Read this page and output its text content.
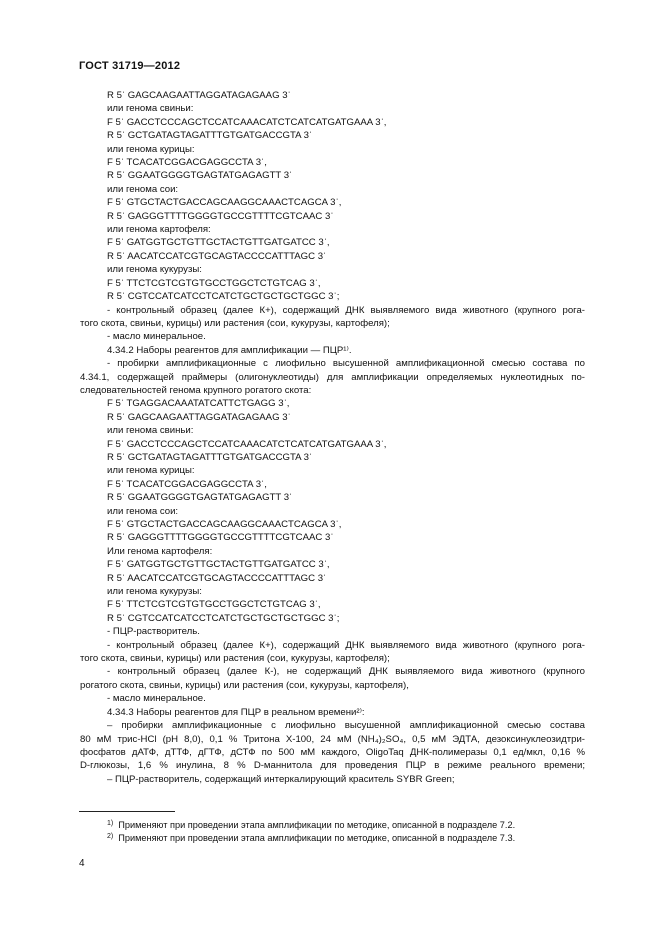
ГОСТ 31719—2012
R 5ˈ GAGCAAGAATTAGGATAGAGAAG 3ˈ
или генома свиньи:
F 5ˈ GACCTCCCAGCTCCATCAAACATCTCATCATGATGAAA 3ˈ,
R 5ˈ GCTGATAGTAGATTTGTGATGACCGTA 3ˈ
или генома курицы:
F 5ˈ TCACATCGGACGAGGCCTA 3ˈ,
R 5ˈ GGAATGGGGTGAGTATGAGAGTT 3ˈ
или генома сои:
F 5ˈ GTGCTACTGACCAGCAAGGCAAACTCAGCA 3ˈ,
R 5ˈ GAGGGTTTTGGGGTGCCGTTTTCGTCAAC 3ˈ
или генома картофеля:
F 5ˈ GATGGTGCTGTTGCTACTGTTGATGATCC 3ˈ,
R 5ˈ AACATCCATCGTGCAGTACCCCATTTAGC 3ˈ
или генома кукурузы:
F 5ˈ TTCTCGTCGTGTGCCTGGCTCTGTCAG 3ˈ,
R 5ˈ CGTCCATCATCCTCATCTGCTGCTGCTGGC 3ˈ;
- контрольный образец (далее К+), содержащий ДНК выявляемого вида животного (крупного рога-
того скота, свиньи, курицы) или растения (сои, кукурузы, картофеля);
- масло минеральное.
4.34.2 Наборы реагентов для амплификации — ПЦР¹⁾.
- пробирки амплификационные с лиофильно высушенной амплификационной смесью состава по
4.34.1, содержащей праймеры (олигонуклеотиды) для амплификации определяемых нуклеотидных по-
следовательностей генома крупного рогатого скота:
F 5ˈ TGAGGACAAATATCATTCTGAGG 3ˈ,
R 5ˈ GAGCAAGAATTAGGATAGAGAAG 3ˈ
или генома свиньи:
F 5ˈ GACCTCCCAGCTCCATCAAACATCTCATCATGATGAAA 3ˈ,
R 5ˈ GCTGATAGTAGATTTGTGATGACCGTA 3ˈ
или генома курицы:
F 5ˈ TCACATCGGACGAGGCCTA 3ˈ,
R 5ˈ GGAATGGGGTGAGTATGAGAGTT 3ˈ
или генома сои:
F 5ˈ GTGCTACTGACCAGCAAGGCAAACTCAGCA 3ˈ,
R 5ˈ GAGGGTTTTGGGGTGCCGTTTTCGTCAAC 3ˈ
Или генома картофеля:
F 5ˈ GATGGTGCTGTTGCTACTGTTGATGATCC 3ˈ,
R 5ˈ AACATCCATCGTGCAGTACCCCATTTAGC 3ˈ
или генома кукурузы:
F 5ˈ TTCTCGTCGTGTGCCTGGCTCTGTCAG 3ˈ,
R 5ˈ CGTCCATCATCCTCATCTGCTGCTGCTGGC 3ˈ;
- ПЦР-растворитель.
- контрольный образец (далее К+), содержащий ДНК выявляемого вида животного (крупного рога-
того скота, свиньи, курицы) или растения (сои, кукурузы, картофеля);
- контрольный образец (далее К-), не содержащий ДНК выявляемого вида животного (крупного
рогатого скота, свиньи, курицы) или растения (сои, кукурузы, картофеля),
- масло минеральное.
4.34.3 Наборы реагентов для ПЦР в реальном времени²⁾:
– пробирки амплификационные с лиофильно высушенной амплификационной смесью состава
80 мМ трис-HCl (рН 8,0), 0,1 % Тритона Х-100, 24 мМ (NH₄)₂SO₄, 0,5 мМ ЭДТА, дезоксинуклеозидтри-
фосфатов дАТФ, дТТФ, дГТФ, дСТФ по 500 мМ каждого, OligoTaq ДНК-полимеразы 0,1 ед/мкл, 0,16 %
D-глюкозы, 1,6 % инулина, 8 % D-маннитола для проведения ПЦР в режиме реального времени;
– ПЦР-растворитель, содержащий интеркалирующий краситель SYBR Green;
$^{1)}$ Применяют при проведении этапа амплификации по методике, описанной в подразделе 7.2.
$^{2)}$ Применяют при проведении этапа амплификации по методике, описанной в подразделе 7.3.
4
